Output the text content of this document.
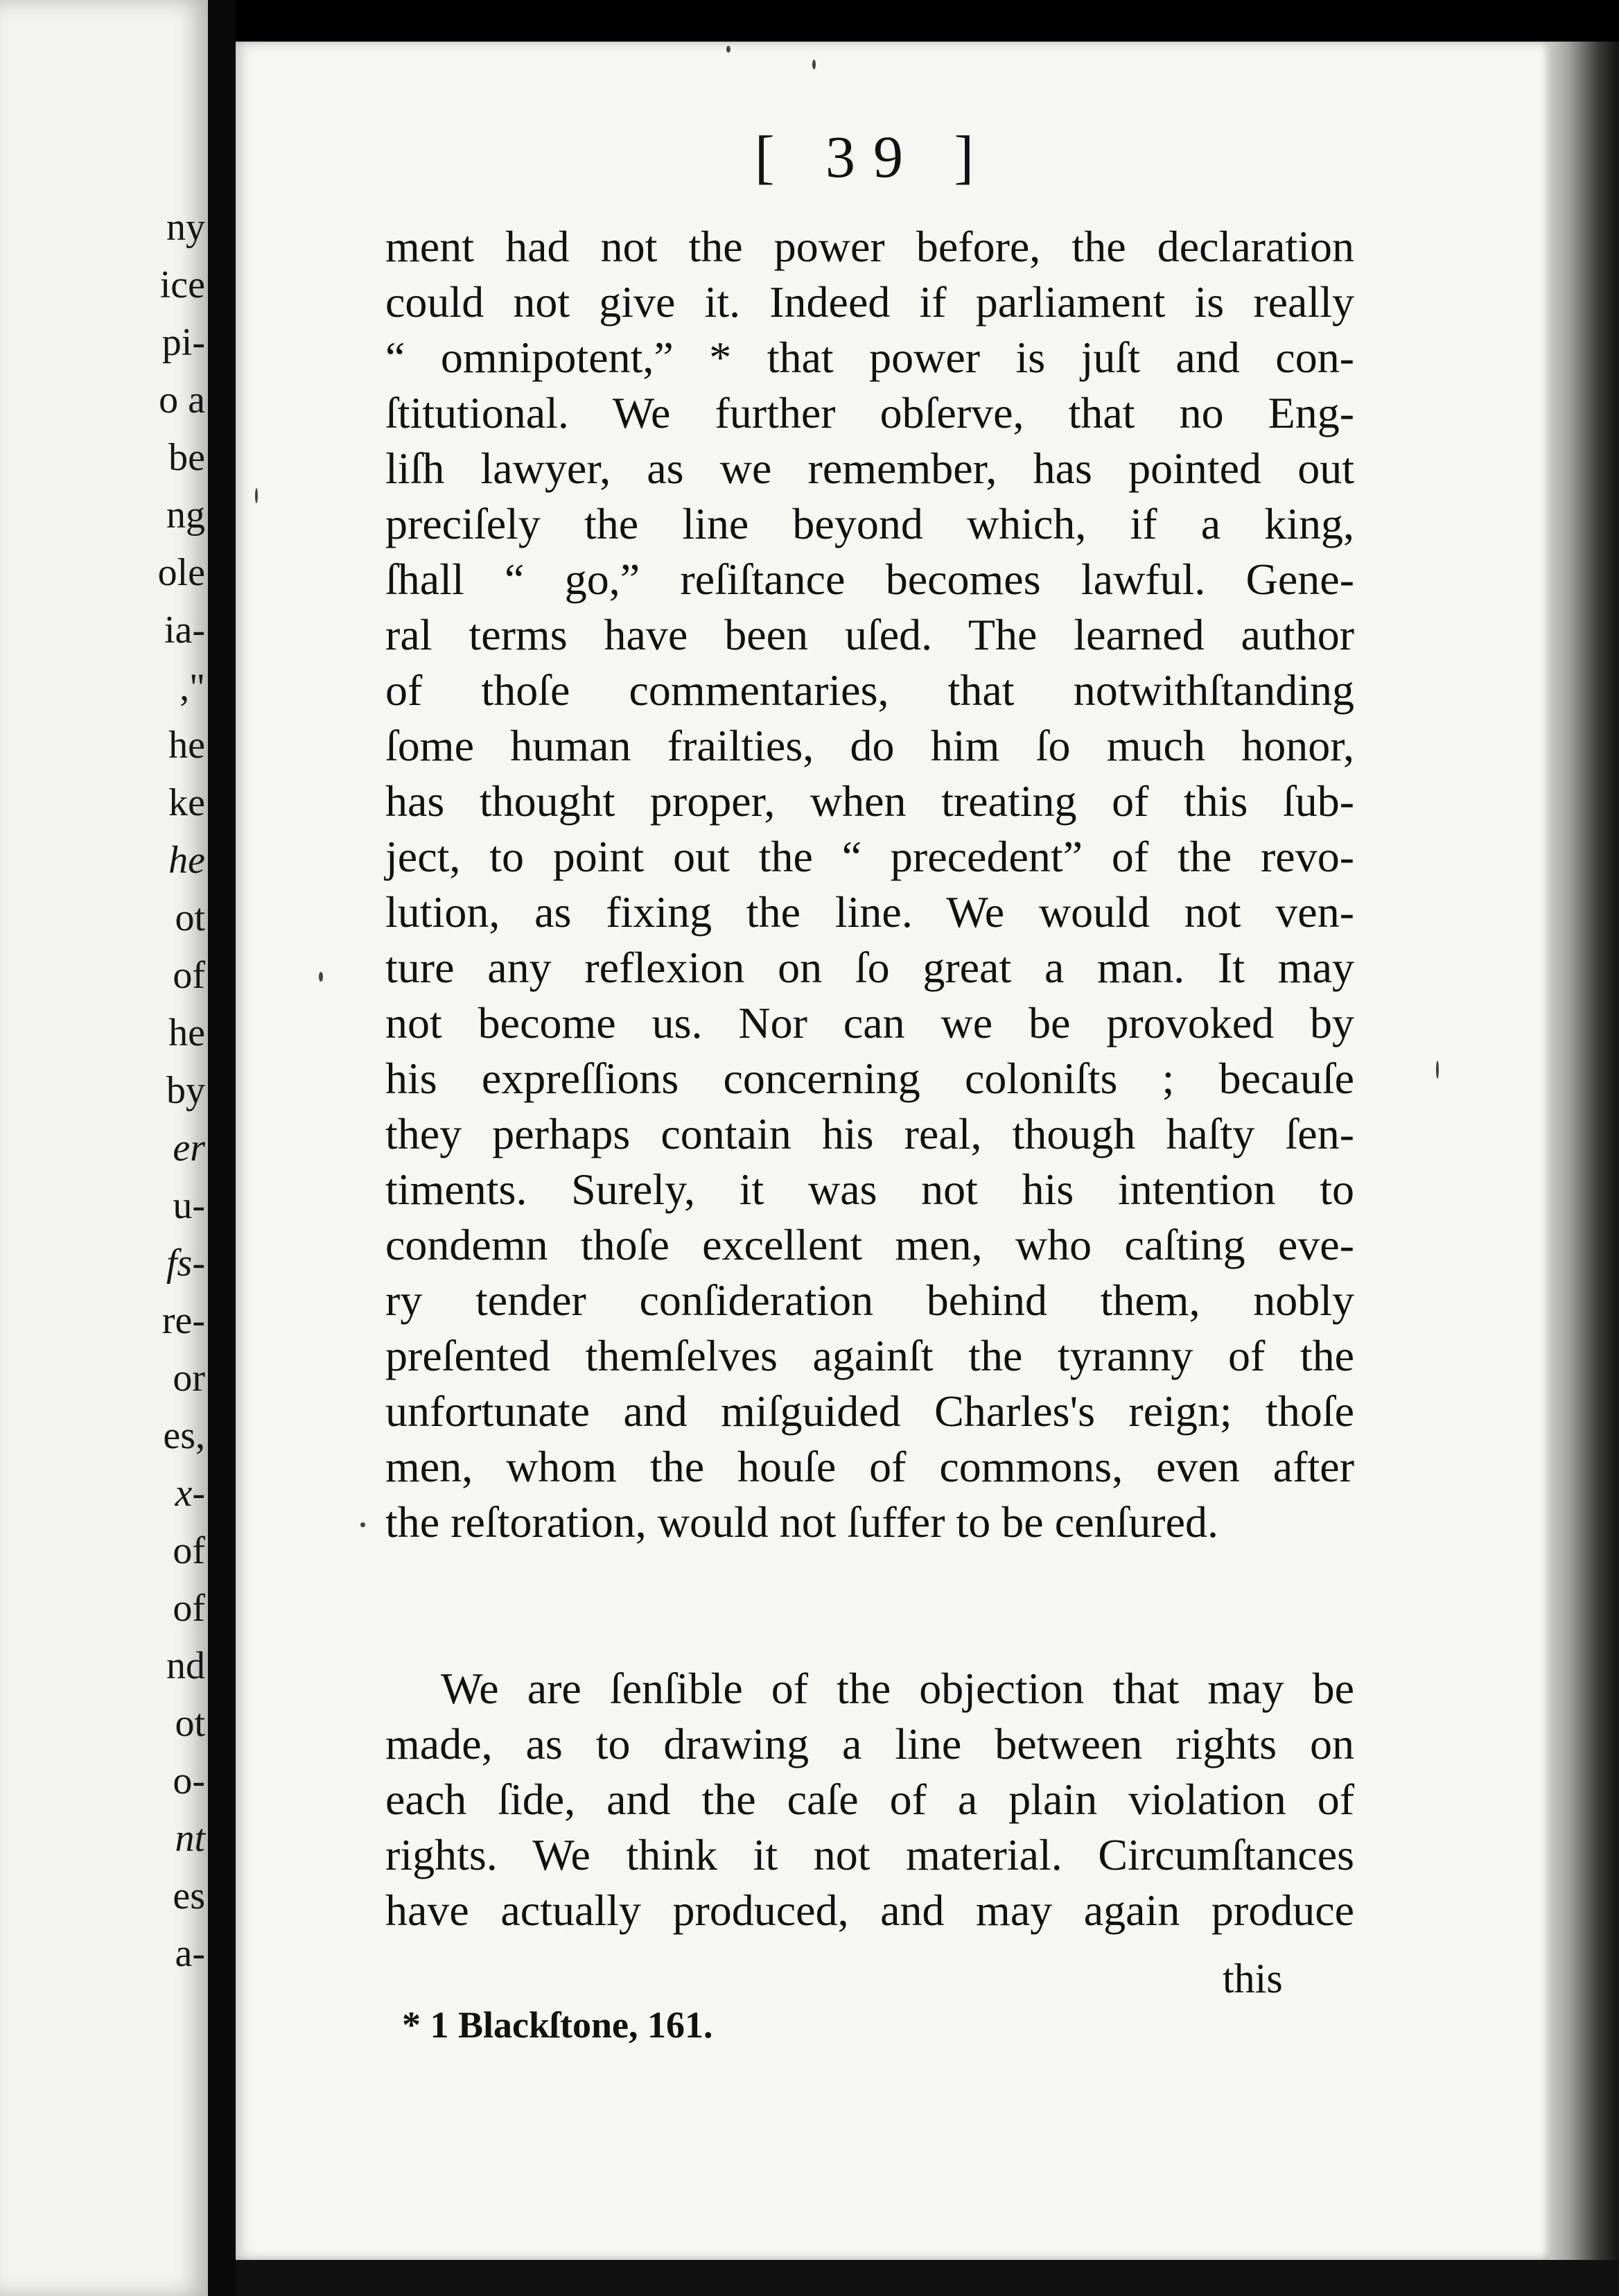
ny
ice
pi-
o a
be
ng
ole
ia-
,"
he
ke
he
ot
of
he
by
er
u-
fs-
re-
or
es,
x-
of
of
nd
ot
o-
nt
es
a-
[ 39 ]
ment had not the power before, the declaration
could not give it. Indeed if parliament is really
“ omnipotent,” * that power is juſt and con-
ſtitutional. We further obſerve, that no Eng-
liſh lawyer, as we remember, has pointed out
preciſely the line beyond which, if a king,
ſhall “ go,” reſiſtance becomes lawful. Gene-
ral terms have been uſed. The learned author
of thoſe commentaries, that notwithſtanding
ſome human frailties, do him ſo much honor,
has thought proper, when treating of this ſub-
ject, to point out the “ precedent” of the revo-
lution, as fixing the line. We would not ven-
ture any reflexion on ſo great a man. It may
not become us. Nor can we be provoked by
his expreſſions concerning coloniſts ; becauſe
they perhaps contain his real, though haſty ſen-
timents. Surely, it was not his intention to
condemn thoſe excellent men, who caſting eve-
ry tender conſideration behind them, nobly
preſented themſelves againſt the tyranny of the
unfortunate and miſguided Charles's reign; thoſe
men, whom the houſe of commons, even after
the reſtoration, would not ſuffer to be cenſured.
We are ſenſible of the objection that may be
made, as to drawing a line between rights on
each ſide, and the caſe of a plain violation of
rights. We think it not material. Circumſtances
have actually produced, and may again produce
this
* 1 Blackſtone, 161.
